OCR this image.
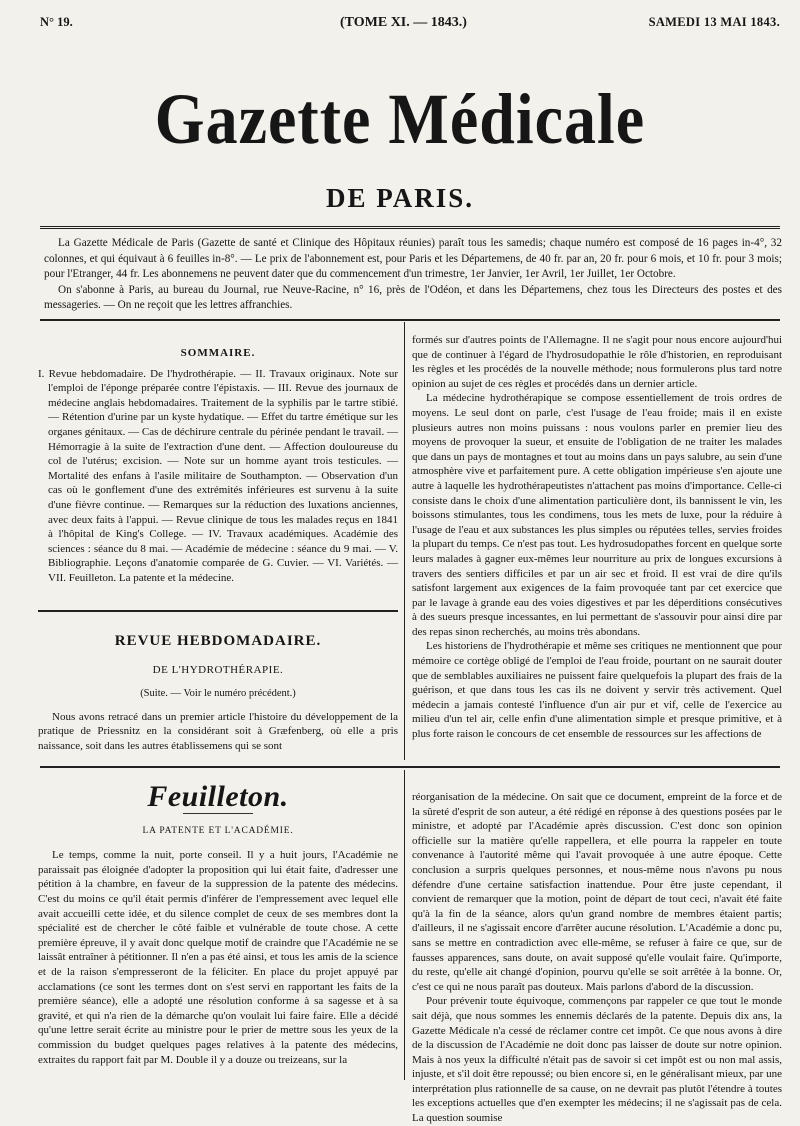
N° 19.	(TOME XI. — 1843.)	SAMEDI 13 MAI 1843.
Gazette Médicale
DE PARIS.

La Gazette Médicale de Paris (Gazette de santé et Clinique des Hôpitaux réunies) paraît tous les samedis; chaque numéro est composé de 16 pages in-4°, 32 colonnes, et qui équivaut à 6 feuilles in-8°. — Le prix de l'abonnement est, pour Paris et les Départemens, de 40 fr. par an, 20 fr. pour 6 mois, et 10 fr. pour 3 mois; pour l'Etranger, 44 fr. Les abonnemens ne peuvent dater que du commencement d'un trimestre, 1er Janvier, 1er Avril, 1er Juillet, 1er Octobre.

On s'abonne à Paris, au bureau du Journal, rue Neuve-Racine, n° 16, près de l'Odéon, et dans les Départemens, chez tous les Directeurs des postes et des messageries. — On ne reçoit que les lettres affranchies.

SOMMAIRE.

I. Revue hebdomadaire. De l'hydrothérapie. — II. Travaux originaux. Note sur l'emploi de l'éponge préparée contre l'épistaxis. — III. Revue des journaux de médecine anglais hebdomadaires. Traitement de la syphilis par le tartre stibié. — Rétention d'urine par un kyste hydatique. — Effet du tartre émétique sur les organes génitaux. — Cas de déchirure centrale du périnée pendant le travail. — Hémorragie à la suite de l'extraction d'une dent. — Affection douloureuse du col de l'utérus; excision. — Note sur un homme ayant trois testicules. — Mortalité des enfans à l'asile militaire de Southampton. — Observation d'un cas où le gonflement d'une des extrémités inférieures est survenu à la suite d'une fièvre continue. — Remarques sur la réduction des luxations anciennes, avec deux faits à l'appui. — Revue clinique de tous les malades reçus en 1841 à l'hôpital de King's College. — IV. Travaux académiques. Académie des sciences : séance du 8 mai. — Académie de médecine : séance du 9 mai. — V. Bibliographie. Leçons d'anatomie comparée de G. Cuvier. — VI. Variétés. — VII. Feuilleton. La patente et la médecine.

REVUE HEBDOMADAIRE.
DE L'HYDROTHÉRAPIE.
(Suite. — Voir le numéro précédent.)

Nous avons retracé dans un premier article l'histoire du développement de la pratique de Priessnitz en la considérant soit à Græfenberg, où elle a pris naissance, soit dans les autres établissemens qui se sont

formés sur d'autres points de l'Allemagne. Il ne s'agit pour nous encore aujourd'hui que de continuer à l'égard de l'hydrosudopathie le rôle d'historien, en reproduisant les règles et les procédés de la nouvelle méthode; nous formulerons plus tard notre opinion au sujet de ces règles et procédés dans un dernier article.

La médecine hydrothérapique se compose essentiellement de trois ordres de moyens. Le seul dont on parle, c'est l'usage de l'eau froide; mais il en existe plusieurs autres non moins puissans : nous voulons parler en premier lieu des moyens de provoquer la sueur, et ensuite de l'obligation de ne traiter les malades que dans un pays de montagnes et tout au moins dans un pays salubre, au sein d'une atmosphère vive et parfaitement pure. A cette obligation impérieuse s'en ajoute une autre à laquelle les hydrothérapeutistes n'attachent pas moins d'importance. Celle-ci consiste dans le choix d'une alimentation particulière dont, ils bannissent le vin, les boissons stimulantes, tous les condimens, tous les mets de luxe, pour la réduire à l'usage de l'eau et aux substances les plus simples ou réputées telles, servies froides la plupart du temps. Ce n'est pas tout. Les hydrosudopathes forcent en quelque sorte leurs malades à gagner eux-mêmes leur nourriture au prix de longues excursions à travers des sentiers difficiles et par un air sec et froid. Il est vrai de dire qu'ils satisfont largement aux exigences de la faim provoquée tant par cet exercice que par le lavage à grande eau des voies digestives et par les déperditions consécutives à des sueurs presque incessantes, en lui permettant de s'assouvir pour ainsi dire par des repas sinon recherchés, au moins très abondans.

Les historiens de l'hydrothérapie et même ses critiques ne mentionnent que pour mémoire ce cortège obligé de l'emploi de l'eau froide, pourtant on ne saurait douter que de semblables auxiliaires ne puissent faire quelquefois la plupart des frais de la guérison, et que dans tous les cas ils ne doivent y servir très activement. Quel médecin a jamais contesté l'influence d'un air pur et vif, celle de l'exercice au milieu d'un tel air, celle enfin d'une alimentation simple et presque primitive, et à plus forte raison le concours de cet ensemble de ressources sur les affections de

Feuilleton.
LA PATENTE ET L'ACADÉMIE.

Le temps, comme la nuit, porte conseil. Il y a huit jours, l'Académie ne paraissait pas éloignée d'adopter la proposition qui lui était faite, d'adresser une pétition à la chambre, en faveur de la suppression de la patente des médecins. C'est du moins ce qu'il était permis d'inférer de l'empressement avec lequel elle avait accueilli cette idée, et du silence complet de ceux de ses membres dont la spécialité est de chercher le côté faible et vulnérable de toute chose. A cette première épreuve, il y avait donc quelque motif de craindre que l'Académie ne se laissât entraîner à pétitionner. Il n'en a pas été ainsi, et tous les amis de la science et de la raison s'empresseront de la féliciter. En place du projet appuyé par acclamations (ce sont les termes dont on s'est servi en rapportant les faits de la première séance), elle a adopté une résolution conforme à sa sagesse et à sa gravité, et qui n'a rien de la démarche qu'on voulait lui faire faire. Elle a décidé qu'une lettre serait écrite au ministre pour le prier de mettre sous les yeux de la commission du budget quelques pages relatives à la patente des médecins, extraites du rapport fait par M. Double il y a douze ou treizeans, sur la

réorganisation de la médecine. On sait que ce document, empreint de la force et de la sûreté d'esprit de son auteur, a été rédigé en réponse à des questions posées par le ministre, et adopté par l'Académie après discussion. C'est donc son opinion officielle sur la matière qu'elle rappellera, et elle pourra la rappeler en toute convenance à l'autorité même qui l'avait provoquée à une autre époque. Cette conclusion a surpris quelques personnes, et nous-même nous n'avons pu nous défendre d'une certaine satisfaction inattendue. Pour être juste cependant, il convient de remarquer que la motion, point de départ de tout ceci, n'avait été faite qu'à la fin de la séance, alors qu'un grand nombre de membres étaient partis; d'ailleurs, il ne s'agissait encore d'arrêter aucune résolution. L'Académie a donc pu, sans se mettre en contradiction avec elle-même, se refuser à faire ce que, sur de fausses apparences, sans doute, on avait supposé qu'elle voulait faire. Qu'importe, du reste, qu'elle ait changé d'opinion, pourvu qu'elle se soit arrêtée à la bonne. Or, c'est ce qui ne nous paraît pas douteux. Mais parlons d'abord de la discussion.

Pour prévenir toute équivoque, commençons par rappeler ce que tout le monde sait déjà, que nous sommes les ennemis déclarés de la patente. Depuis dix ans, la Gazette Médicale n'a cessé de réclamer contre cet impôt. Ce que nous avons à dire de la discussion de l'Académie ne doit donc pas laisser de doute sur notre opinion. Mais à nos yeux la difficulté n'était pas de savoir si cet impôt est ou non mal assis, injuste, et s'il doit être repoussé; ou bien encore si, en le généralisant mieux, par une interprétation plus rationnelle de sa cause, on ne devrait pas plutôt l'étendre à toutes les exceptions actuelles que d'en exempter les médecins; il ne s'agissait pas de cela. La question soumise
